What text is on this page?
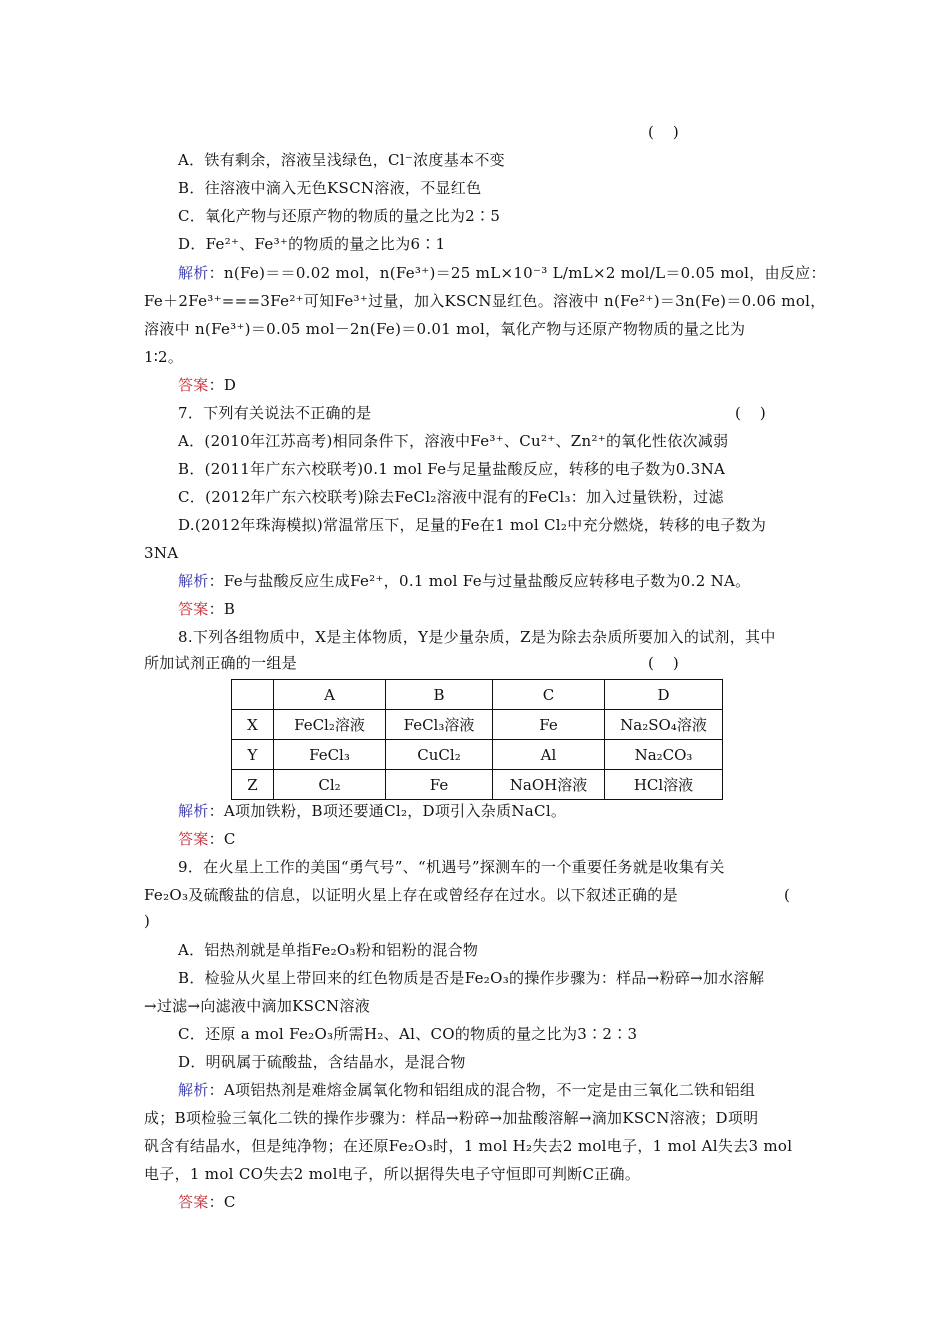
(    )
A．铁有剩余，溶液呈浅绿色，Cl⁻浓度基本不变
B．往溶液中滴入无色KSCN溶液，不显红色
C．氧化产物与还原产物的物质的量之比为2∶5
D．Fe²⁺、Fe³⁺的物质的量之比为6∶1
解析：n(Fe)＝＝0.02 mol，n(Fe³⁺)＝25 mL×10⁻³ L/mL×2 mol/L＝0.05 mol，由反应：
Fe＋2Fe³⁺===3Fe²⁺可知Fe³⁺过量，加入KSCN显红色。溶液中 n(Fe²⁺)＝3n(Fe)＝0.06 mol，
溶液中 n(Fe³⁺)＝0.05 mol－2n(Fe)＝0.01 mol，氧化产物与还原产物物质的量之比为
1∶2。
答案：D
7．下列有关说法不正确的是	(    )
A．(2010年江苏高考)相同条件下，溶液中Fe³⁺、Cu²⁺、Zn²⁺的氧化性依次减弱
B．(2011年广东六校联考)0.1 mol Fe与足量盐酸反应，转移的电子数为0.3NA
C．(2012年广东六校联考)除去FeCl₂溶液中混有的FeCl₃：加入过量铁粉，过滤
D.(2012年珠海模拟)常温常压下，足量的Fe在1 mol Cl₂中充分燃烧，转移的电子数为
3NA
解析：Fe与盐酸反应生成Fe²⁺，0.1 mol Fe与过量盐酸反应转移电子数为0.2 NA。
答案：B
8.下列各组物质中，X是主体物质，Y是少量杂质，Z是为除去杂质所要加入的试剂，其中
所加试剂正确的一组是	(    )
	A	B	C	D
X	FeCl₂溶液	FeCl₃溶液	Fe	Na₂SO₄溶液
Y	FeCl₃	CuCl₂	Al	Na₂CO₃
Z	Cl₂	Fe	NaOH溶液	HCl溶液
解析：A项加铁粉，B项还要通Cl₂，D项引入杂质NaCl。
答案：C
9．在火星上工作的美国“勇气号”、“机遇号”探测车的一个重要任务就是收集有关
Fe₂O₃及硫酸盐的信息，以证明火星上存在或曾经存在过水。以下叙述正确的是	(
)
A．铝热剂就是单指Fe₂O₃粉和铝粉的混合物
B．检验从火星上带回来的红色物质是否是Fe₂O₃的操作步骤为：样品→粉碎→加水溶解
→过滤→向滤液中滴加KSCN溶液
C．还原 a mol Fe₂O₃所需H₂、Al、CO的物质的量之比为3∶2∶3
D．明矾属于硫酸盐，含结晶水，是混合物
解析：A项铝热剂是难熔金属氧化物和铝组成的混合物，不一定是由三氧化二铁和铝组
成；B项检验三氧化二铁的操作步骤为：样品→粉碎→加盐酸溶解→滴加KSCN溶液；D项明
矾含有结晶水，但是纯净物；在还原Fe₂O₃时，1 mol H₂失去2 mol电子，1 mol Al失去3 mol
电子，1 mol CO失去2 mol电子，所以据得失电子守恒即可判断C正确。
答案：C
